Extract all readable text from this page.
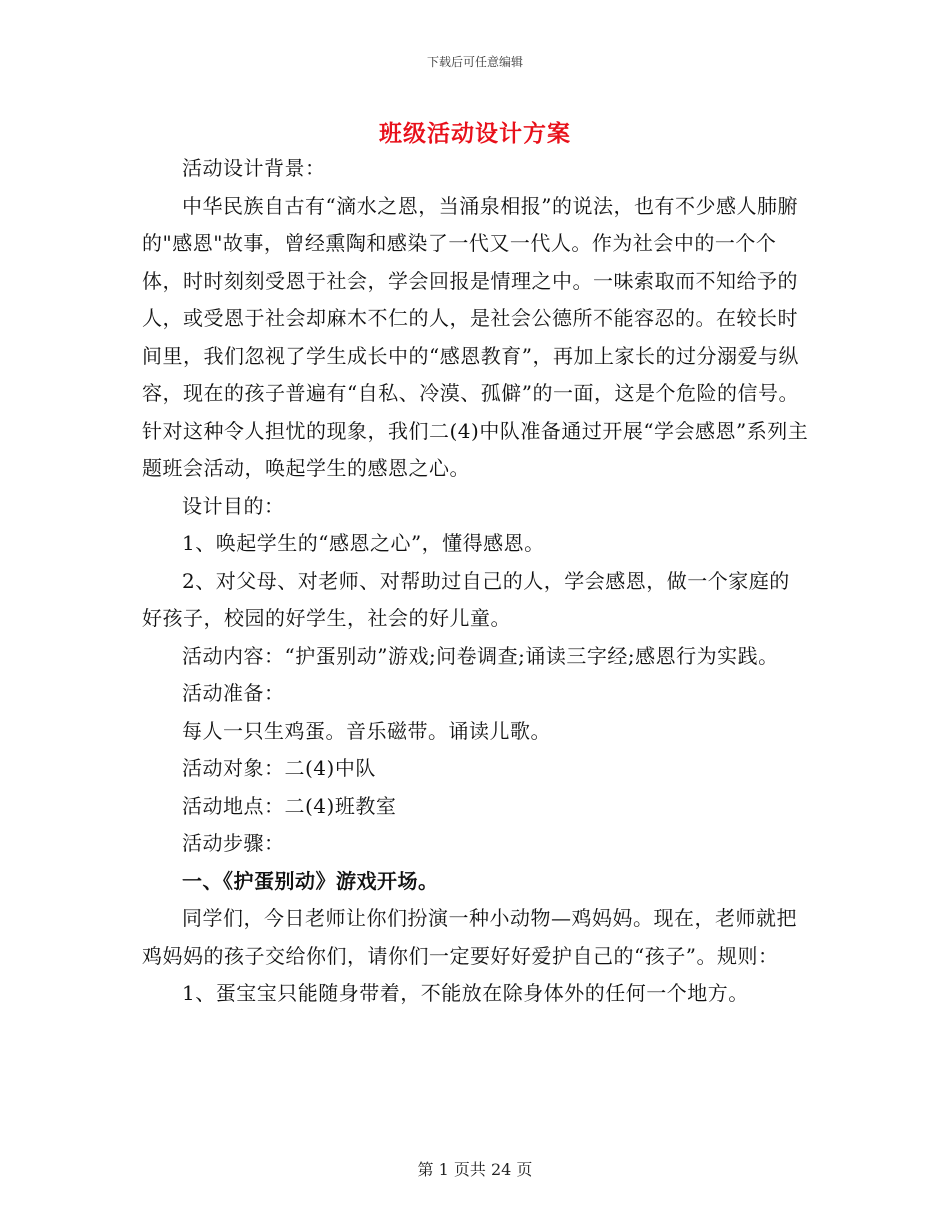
下载后可任意编辑
班级活动设计方案

活动设计背景：

中华民族自古有“滴水之恩，当涌泉相报”的说法，也有不少感人肺腑的"感恩"故事，曾经熏陶和感染了一代又一代人。作为社会中的一个个体，时时刻刻受恩于社会，学会回报是情理之中。一味索取而不知给予的人，或受恩于社会却麻木不仁的人，是社会公德所不能容忍的。在较长时间里，我们忽视了学生成长中的“感恩教育”，再加上家长的过分溺爱与纵容，现在的孩子普遍有“自私、冷漠、孤僻”的一面，这是个危险的信号。针对这种令人担忧的现象，我们二(4)中队准备通过开展“学会感恩”系列主题班会活动，唤起学生的感恩之心。

设计目的：

1、唤起学生的“感恩之心”，懂得感恩。

2、对父母、对老师、对帮助过自己的人，学会感恩，做一个家庭的好孩子，校园的好学生，社会的好儿童。

活动内容：“护蛋别动”游戏;问卷调查;诵读三字经;感恩行为实践。

活动准备：

每人一只生鸡蛋。音乐磁带。诵读儿歌。

活动对象：二(4)中队

活动地点：二(4)班教室

活动步骤：

一、《护蛋别动》游戏开场。

同学们，今日老师让你们扮演一种小动物—鸡妈妈。现在，老师就把鸡妈妈的孩子交给你们，请你们一定要好好爱护自己的“孩子”。规则：

1、蛋宝宝只能随身带着，不能放在除身体外的任何一个地方。

第 1 页共 24 页
